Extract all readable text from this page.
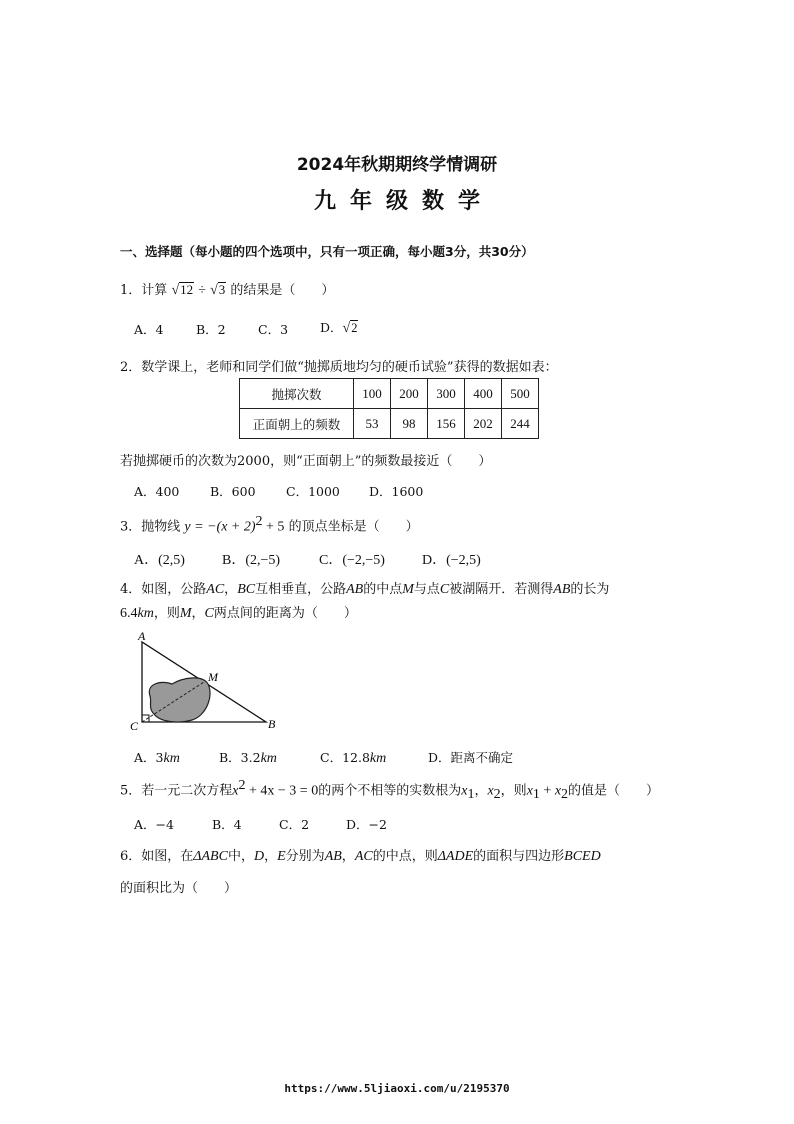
2024年秋期期终学情调研
九年级数学
一、选择题（每小题的四个选项中，只有一项正确，每小题3分，共30分）
1．计算 √12 ÷ √3 的结果是（　　）
A．4	B．2	C．3	D．√2
2．数学课上，老师和同学们做“抛掷质地均匀的硬币试验”获得的数据如表：
抛掷次数	100	200	300	400	500
正面朝上的频数	53	98	156	202	244
若抛掷硬币的次数为2000，则“正面朝上”的频数最接近（　　）
A．400 B．600 C．1000 D．1600
3．抛物线 $y = -(x + 2)^2 + 5$ 的顶点坐标是（　　）
A．(2,5)	B．(2,−5)	C．(−2,−5)	D．(−2,5)
4．如图，公路AC，BC互相垂直，公路AB的中点M与点C被湖隔开．若测得AB的长为
6.4km，则M，C两点间的距离为（　　）
A
C	B
M
A．3km	B．3.2km	C．12.8km	D．距离不确定
5．若一元二次方程$x^2 + 4x - 3 = 0$的两个不相等的实数根为$x_1$，$x_2$，则$x_1 + x_2$的值是（　　）
A．−4	B．4	C．2	D．−2
6．如图，在ΔABC中，D，E分别为AB，AC的中点，则ΔADE的面积与四边形BCED
的面积比为（　　）
https://www.5ljiaoxi.com/u/2195370
